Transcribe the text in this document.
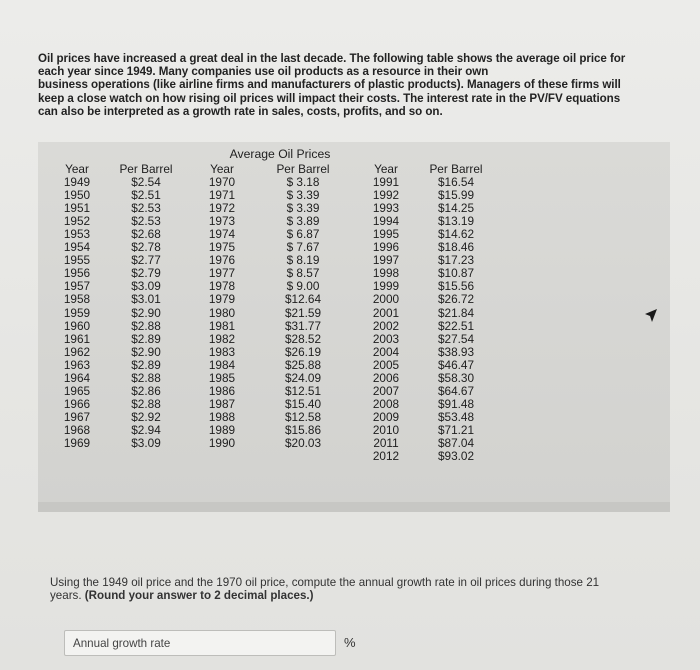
Oil prices have increased a great deal in the last decade. The following table shows the average oil price for
each year since 1949. Many companies use oil products as a resource in their own
business operations (like airline firms and manufacturers of plastic products). Managers of these firms will
keep a close watch on how rising oil prices will impact their costs. The interest rate in the PV/FV equations
can also be interpreted as a growth rate in sales, costs, profits, and so on.
Average Oil Prices
Year
1949
1950
1951
1952
1953
1954
1955
1956
1957
1958
1959
1960
1961
1962
1963
1964
1965
1966
1967
1968
1969
Per Barrel
$2.54
$2.51
$2.53
$2.53
$2.68
$2.78
$2.77
$2.79
$3.09
$3.01
$2.90
$2.88
$2.89
$2.90
$2.89
$2.88
$2.86
$2.88
$2.92
$2.94
$3.09
Year
1970
1971
1972
1973
1974
1975
1976
1977
1978
1979
1980
1981
1982
1983
1984
1985
1986
1987
1988
1989
1990
Per Barrel
$ 3.18
$ 3.39
$ 3.39
$ 3.89
$ 6.87
$ 7.67
$ 8.19
$ 8.57
$ 9.00
$12.64
$21.59
$31.77
$28.52
$26.19
$25.88
$24.09
$12.51
$15.40
$12.58
$15.86
$20.03
Year
1991
1992
1993
1994
1995
1996
1997
1998
1999
2000
2001
2002
2003
2004
2005
2006
2007
2008
2009
2010
2011
2012
Per Barrel
$16.54
$15.99
$14.25
$13.19
$14.62
$18.46
$17.23
$10.87
$15.56
$26.72
$21.84
$22.51
$27.54
$38.93
$46.47
$58.30
$64.67
$91.48
$53.48
$71.21
$87.04
$93.02
Using the 1949 oil price and the 1970 oil price, compute the annual growth rate in oil prices during those 21
years. (Round your answer to 2 decimal places.)
Annual growth rate
%
